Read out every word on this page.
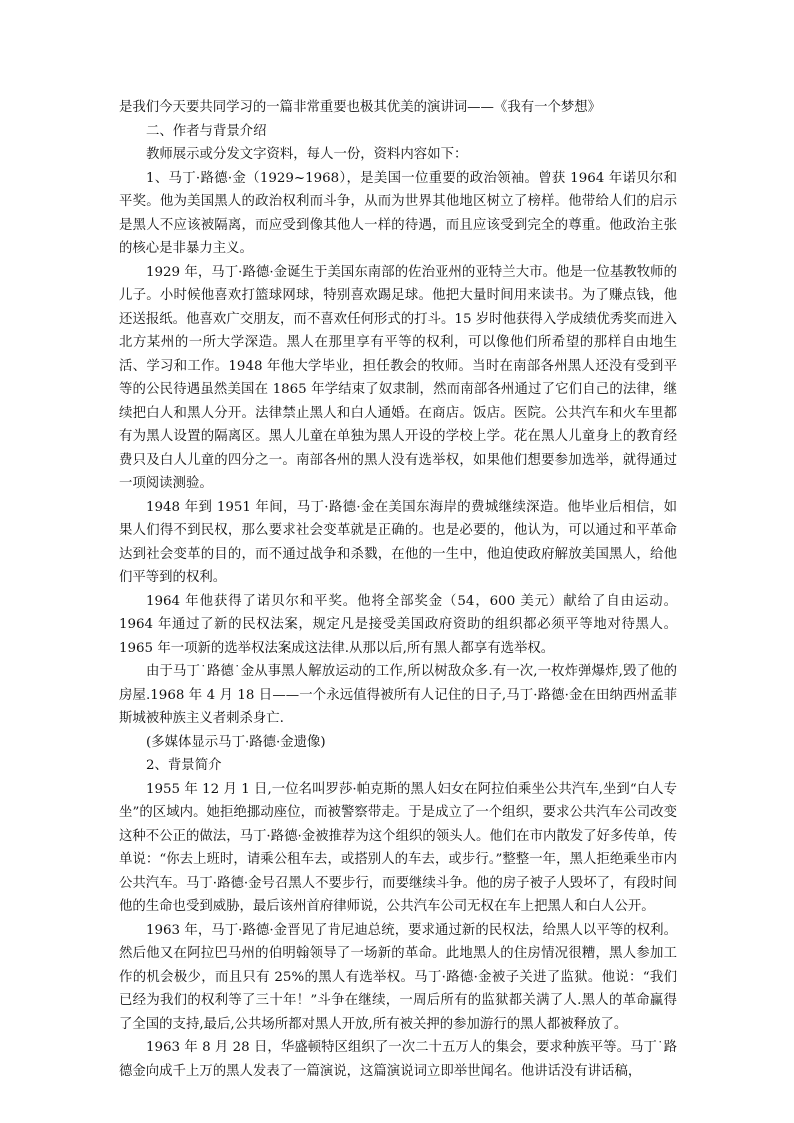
是我们今天要共同学习的一篇非常重要也极其优美的演讲词——《我有一个梦想》

二、作者与背景介绍

教师展示或分发文字资料，每人一份，资料内容如下：

1、马丁·路德·金（1929~1968），是美国一位重要的政治领袖。曾获 1964 年诺贝尔和平奖。他为美国黑人的政治权利而斗争，从而为世界其他地区树立了榜样。他带给人们的启示是黑人不应该被隔离，而应受到像其他人一样的待遇，而且应该受到完全的尊重。他政治主张的核心是非暴力主义。

1929 年，马丁·路德·金诞生于美国东南部的佐治亚州的亚特兰大市。他是一位基教牧师的儿子。小时候他喜欢打篮球网球，特别喜欢踢足球。他把大量时间用来读书。为了赚点钱，他还送报纸。他喜欢广交朋友，而不喜欢任何形式的打斗。15 岁时他获得入学成绩优秀奖而进入北方某州的一所大学深造。黑人在那里享有平等的权利，可以像他们所希望的那样自由地生活、学习和工作。1948 年他大学毕业，担任教会的牧师。当时在南部各州黑人还没有受到平等的公民待遇虽然美国在 1865 年学结束了奴隶制，然而南部各州通过了它们自己的法律，继续把白人和黑人分开。法律禁止黑人和白人通婚。在商店。饭店。医院。公共汽车和火车里都有为黑人设置的隔离区。黑人儿童在单独为黑人开设的学校上学。花在黑人儿童身上的教育经费只及白人儿童的四分之一。南部各州的黑人没有选举权，如果他们想要参加选举，就得通过一项阅读测验。

1948 年到 1951 年间，马丁·路德·金在美国东海岸的费城继续深造。他毕业后相信，如果人们得不到民权，那么要求社会变革就是正确的。也是必要的，他认为，可以通过和平革命达到社会变革的目的，而不通过战争和杀戮，在他的一生中，他迫使政府解放美国黑人，给他们平等到的权利。

1964 年他获得了诺贝尔和平奖。他将全部奖金（54，600 美元）献给了自由运动。1964 年通过了新的民权法案，规定凡是接受美国政府资助的组织都必须平等地对待黑人。1965 年一项新的选举权法案成这法律.从那以后,所有黑人都享有选举权。

由于马丁˙路德˙金从事黑人解放运动的工作,所以树敌众多.有一次,一枚炸弹爆炸,毁了他的房屋.1968 年 4 月 18 日——一个永远值得被所有人记住的日子,马丁·路德·金在田纳西州孟菲斯城被种族主义者刺杀身亡.

(多媒体显示马丁·路德·金遗像)

2、背景简介

1955 年 12 月 1 日,一位名叫罗莎·帕克斯的黑人妇女在阿拉伯乘坐公共汽车,坐到“白人专坐”的区域内。她拒绝挪动座位，而被警察带走。于是成立了一个组织，要求公共汽车公司改变这种不公正的做法，马丁·路德·金被推荐为这个组织的领头人。他们在市内散发了好多传单，传单说：“你去上班时，请乘公租车去，或搭别人的车去，或步行。”整整一年，黑人拒绝乘坐市内公共汽车。马丁·路德·金号召黑人不要步行，而要继续斗争。他的房子被子人毁坏了，有段时间他的生命也受到威胁，最后该州首府律师说，公共汽车公司无权在车上把黑人和白人公开。

1963 年，马丁·路德·金晋见了肯尼迪总统，要求通过新的民权法，给黑人以平等的权利。然后他又在阿拉巴马州的伯明翰领导了一场新的革命。此地黑人的住房情况很糟，黑人参加工作的机会极少，而且只有 25%的黑人有选举权。马丁·路德·金被子关进了监狱。他说：“我们已经为我们的权利等了三十年！”斗争在继续，一周后所有的监狱都关满了人.黑人的革命赢得了全国的支持,最后,公共场所都对黑人开放,所有被关押的参加游行的黑人都被释放了。

1963 年 8 月 28 日，华盛顿特区组织了一次二十五万人的集会，要求种族平等。马丁˙路德金向成千上万的黑人发表了一篇演说，这篇演说词立即举世闻名。他讲话没有讲话稿，
